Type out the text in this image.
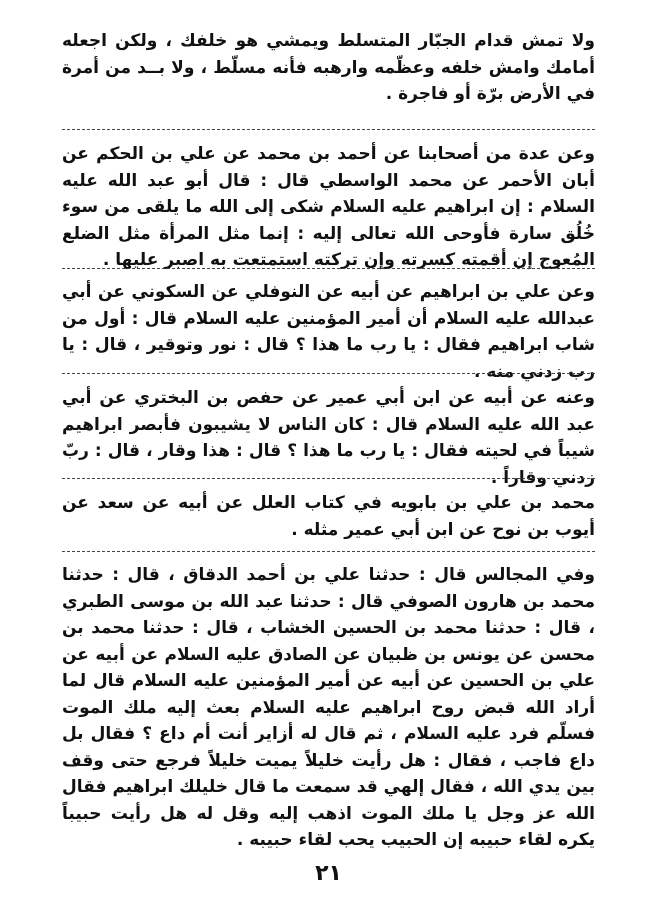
ولا تمش قدام الجبّار المتسلط ويمشي هو خلفك ، ولكن اجعله أمامك وامش خلفه وعظّمه وارهبه فأنه مسلّط ، ولا بــد من أمرة في الأرض برّة أو فاجرة .

وعن عدة من أصحابنا عن أحمد بن محمد عن علي بن الحكم عن أبان الأحمر عن محمد الواسطي قال : قال أبو عبد الله عليه السلام : إن ابراهيم عليه السلام شكى إلى الله ما يلقى من سوء خُلُق سارة فأوحى الله تعالى إليه : إنما مثل المرأة مثل الضلع المُعوج إن أقمته كسرته وإن تركته استمتعت به اصبر عليها .

وعن علي بن ابراهيم عن أبيه عن النوفلي عن السكوني عن أبي عبدالله عليه السلام أن أمير المؤمنين عليه السلام قال : أول من شاب ابراهيم فقال : يا رب ما هذا ؟ قال : نور وتوقير ، قال : يا رب زدني منه .

وعنه عن أبيه عن ابن أبي عمير عن حفص بن البختري عن أبي عبد الله عليه السلام قال : كان الناس لا يشيبون فأبصر ابراهيم شيباً في لحيته فقال : يا رب ما هذا ؟ قال : هذا وقار ، قال : ربّ زدني وقاراً .

محمد بن علي بن بابويه في كتاب العلل عن أبيه عن سعد عن أيوب بن نوح عن ابن أبي عمير مثله .

وفي المجالس قال : حدثنا علي بن أحمد الدقاق ، قال : حدثنا محمد بن هارون الصوفي قال : حدثنا عبد الله بن موسى الطبري ، قال : حدثنا محمد بن الحسين الخشاب ، قال : حدثنا محمد بن محسن عن يونس بن ظبيان عن الصادق عليه السلام عن أبيه عن علي بن الحسين عن أبيه عن أمير المؤمنين عليه السلام قال لما أراد الله قبض روح ابراهيم عليه السلام بعث إليه ملك الموت فسلّم فرد عليه السلام ، ثم قال له أزاير أنت أم داع ؟ فقال بل داع فاجب ، فقال : هل رأيت خليلاً يميت خليلاً فرجع حتى وقف بين يدي الله ، فقال إلهي قد سمعت ما قال خليلك ابراهيم فقال الله عز وجل يا ملك الموت اذهب إليه وقل له هل رأيت حبيباً يكره لقاء حبيبه إن الحبيب يحب لقاء حبيبه .

٢١
